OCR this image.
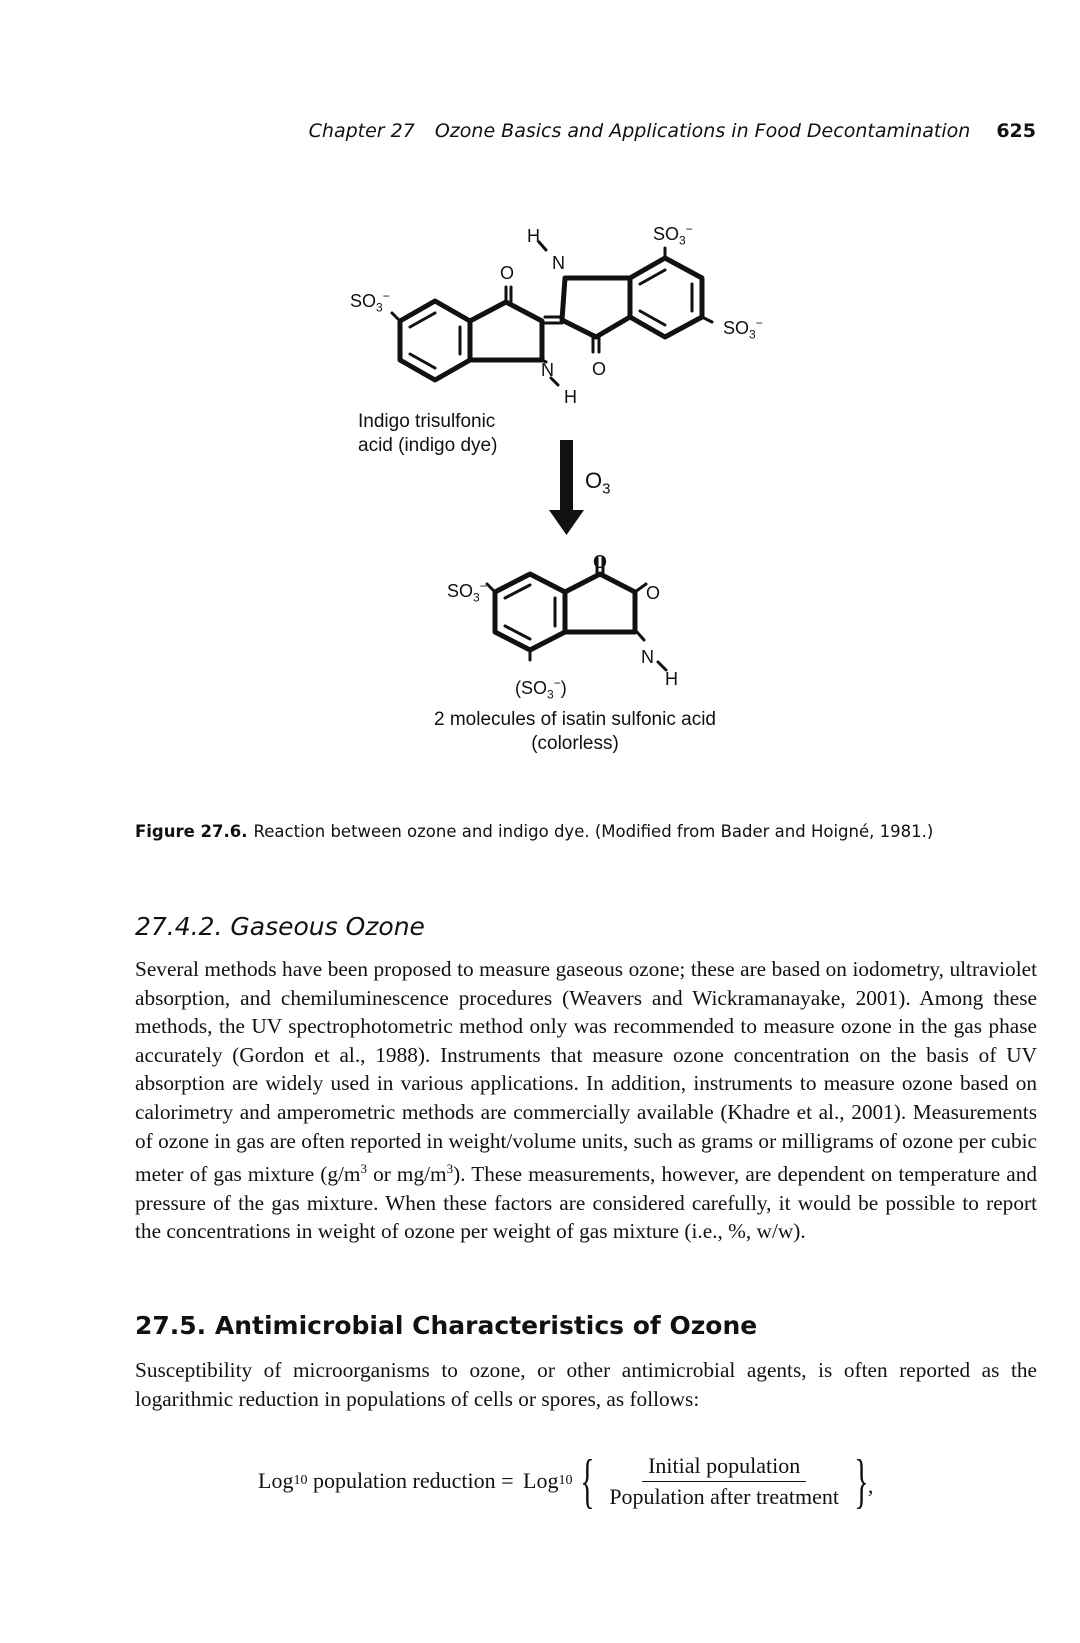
Chapter 27 Ozone Basics and Applications in Food Decontamination 625
H
N
O
$SO_3^-$
$SO_3^-$
$SO_3^-$
N O
H
Indigo trisulfonic
acid (indigo dye)
$O_3$
O
O
$SO_3^-$
N
H
$(SO_3^-)$
2 molecules of isatin sulfonic acid
(colorless)
Figure 27.6. Reaction between ozone and indigo dye. (Modified from Bader and Hoigné, 1981.)
27.4.2. Gaseous Ozone

Several methods have been proposed to measure gaseous ozone; these are based on iodometry, ultraviolet absorption, and chemiluminescence procedures (Weavers and Wickramanayake, 2001). Among these methods, the UV spectrophotometric method only was recommended to measure ozone in the gas phase accurately (Gordon et al., 1988). Instruments that measure ozone concentration on the basis of UV absorption are widely used in various applications. In addition, instruments to measure ozone based on calorimetry and amperometric methods are commercially available (Khadre et al., 2001). Measurements of ozone in gas are often reported in weight/volume units, such as grams or milligrams of ozone per cubic meter of gas mixture ($g/m^3$ or $mg/m^3$). These measurements, however, are dependent on temperature and pressure of the gas mixture. When these factors are considered carefully, it would be possible to report the concentrations in weight of ozone per weight of gas mixture (i.e., %, w/w).

27.5. Antimicrobial Characteristics of Ozone

Susceptibility of microorganisms to ozone, or other antimicrobial agents, is often reported as the logarithmic reduction in populations of cells or spores, as follows:

Log 10 population reduction = Log 10 { $\frac{\text{Initial population}}{\text{Population after treatment}}$ } ,
